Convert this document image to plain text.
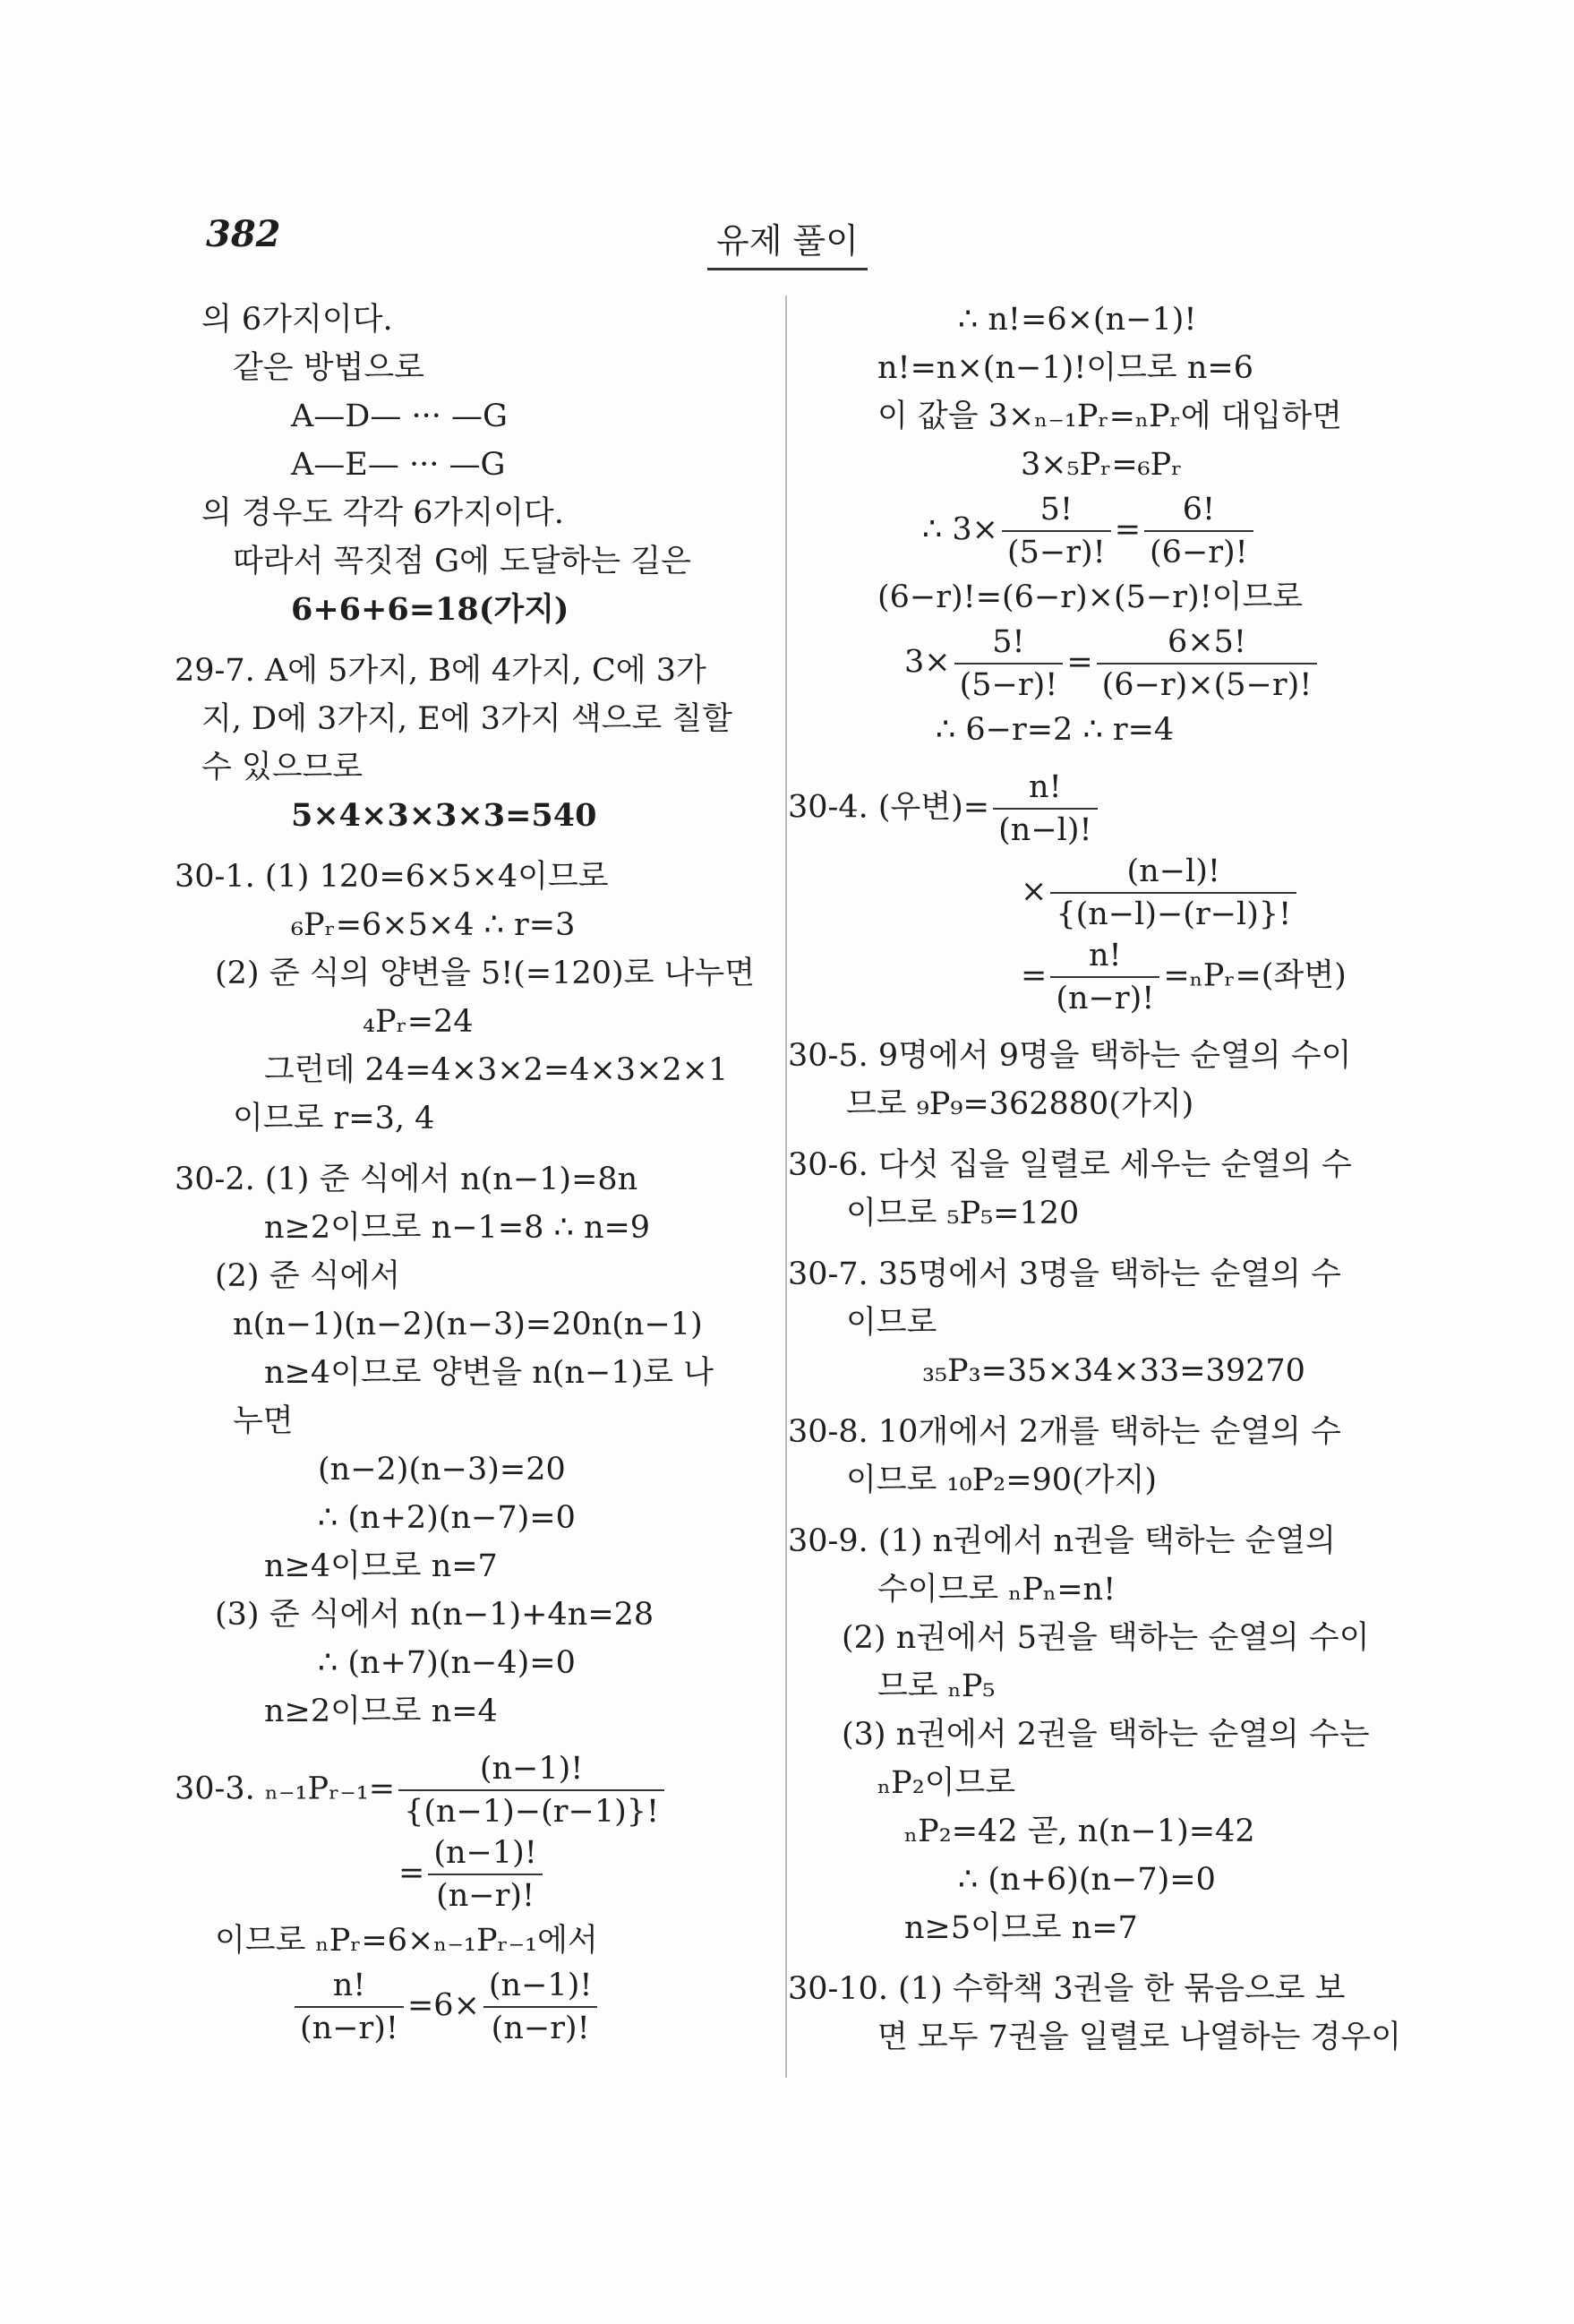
382	유제 풀이
의 6가지이다.
같은 방법으로
A—D— ··· —G
A—E— ··· —G
의 경우도 각각 6가지이다.
따라서 꼭짓점 G에 도달하는 길은
6+6+6=18(가지)
29-7. A에 5가지, B에 4가지, C에 3가
지, D에 3가지, E에 3가지 색으로 칠할
수 있으므로
5×4×3×3×3=540
30-1. (1) 120=6×5×4이므로
₆Pᵣ=6×5×4 ∴ r=3
(2) 준 식의 양변을 5!(=120)로 나누면
₄Pᵣ=24
그런데 24=4×3×2=4×3×2×1
이므로 r=3, 4
30-2. (1) 준 식에서 n(n−1)=8n
n≥2이므로 n−1=8 ∴ n=9
(2) 준 식에서
n(n−1)(n−2)(n−3)=20n(n−1)
n≥4이므로 양변을 n(n−1)로 나
누면
(n−2)(n−3)=20
∴ (n+2)(n−7)=0
n≥4이므로 n=7
(3) 준 식에서 n(n−1)+4n=28
∴ (n+7)(n−4)=0
n≥2이므로 n=4
30-3. ₙ₋₁Pᵣ₋₁= $\frac{(n-1)!}{\{(n-1)-(r-1)\}!}$
= $\frac{(n-1)!}{(n-r)!}$
이므로 ₙPᵣ=6×ₙ₋₁Pᵣ₋₁에서
$\frac{n!}{(n-r)!} =6\times \frac{(n-1)!}{(n-r)!}$
∴ n!=6×(n−1)!
n!=n×(n−1)!이므로 n=6
이 값을 3×ₙ₋₁Pᵣ=ₙPᵣ에 대입하면
3×₅Pᵣ=₆Pᵣ
∴ $3\times \frac{5!}{(5-r)!} = \frac{6!}{(6-r)!}$
(6−r)!=(6−r)×(5−r)!이므로
$3\times \frac{5!}{(5-r)!} = \frac{6\times 5!}{(6-r)\times(5-r)!}$
∴ 6−r=2 ∴ r=4
30-4. (우변)= $\frac{n!}{(n-l)!}$
× $\frac{(n-l)!}{\{(n-l)-(r-l)\}!}$
= $\frac{n!}{(n-r)!}$ =ₙPᵣ=(좌변)
30-5. 9명에서 9명을 택하는 순열의 수이
므로 ₉P₉=362880(가지)
30-6. 다섯 집을 일렬로 세우는 순열의 수
이므로 ₅P₅=120
30-7. 35명에서 3명을 택하는 순열의 수
이므로
₃₅P₃=35×34×33=39270
30-8. 10개에서 2개를 택하는 순열의 수
이므로 ₁₀P₂=90(가지)
30-9. (1) n권에서 n권을 택하는 순열의
수이므로 ₙPₙ=n!
(2) n권에서 5권을 택하는 순열의 수이
므로 ₙP₅
(3) n권에서 2권을 택하는 순열의 수는
ₙP₂이므로
ₙP₂=42 곧, n(n−1)=42
∴ (n+6)(n−7)=0
n≥5이므로 n=7
30-10. (1) 수학책 3권을 한 묶음으로 보
면 모두 7권을 일렬로 나열하는 경우이
